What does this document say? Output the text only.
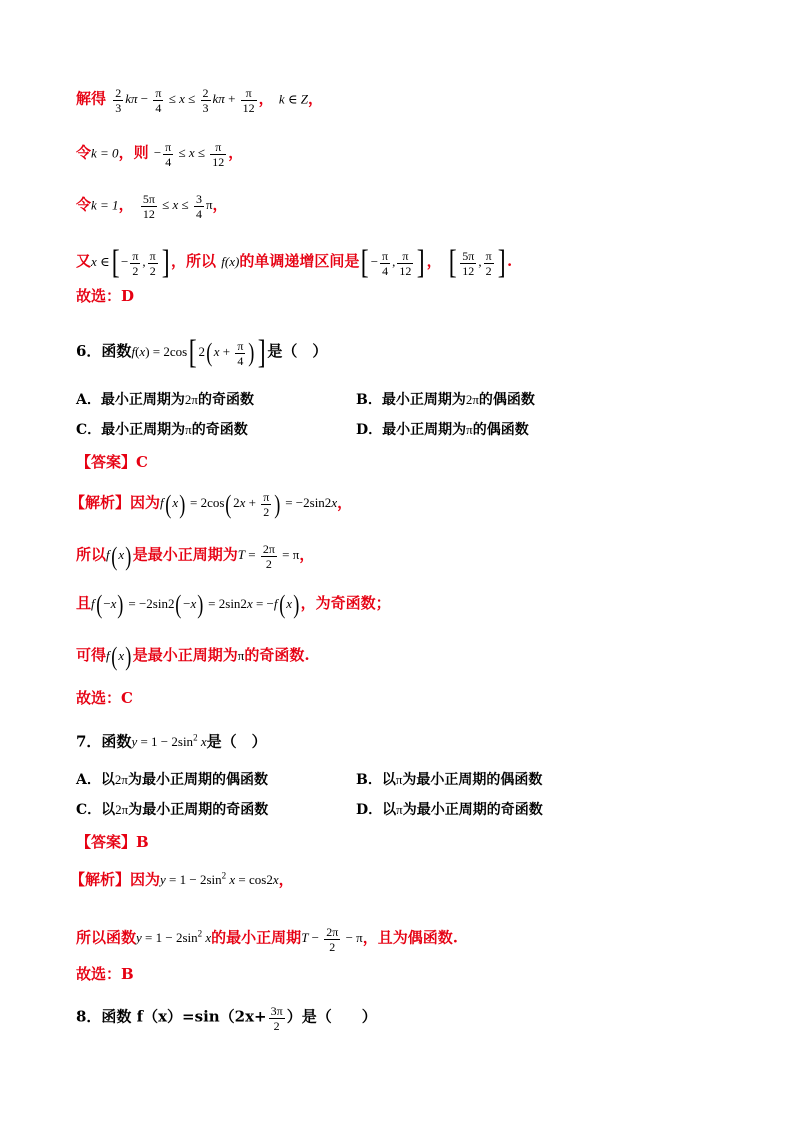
解得 $\frac{2}{3}$ $k\pi - \frac{\pi}{4} \le x \le \frac{2}{3}$ $k\pi + \frac{\pi}{12}$ ， k ∈ Z，
令k = 0，则 − $\frac{\pi}{4} \le x \le \frac{\pi}{12}$ ，
令k = 1， $\frac{5\pi}{12} \le x \le \frac{3}{4}$ π，
又x ∈[ − $\frac{\pi}{2}$ , $\frac{\pi}{2}$ ] ，所以 f(x)的单调递增区间是[ − $\frac{\pi}{4}$ , $\frac{\pi}{12}$ ] ， [ $\frac{5\pi}{12}$ , $\frac{\pi}{2}$ ] .
故选：D
6．函数f(x) = 2cos[ $2(x + \frac{\pi}{4}$ )] 是（　）
A．最小正周期为2π的奇函数	B．最小正周期为2π的偶函数
C．最小正周期为π的奇函数	D．最小正周期为π的偶函数
【答案】C
【解析】因为$f(x) = 2\cos(2x + \frac{\pi}{2}$ ) = −2sin2x，
所以f(x)是最小正周期为$T = \frac{2\pi}{2} = \pi$，
且f(−x) = −2sin2(−x) = 2sin2x = −f(x)，为奇函数；
可得f(x)是最小正周期为π的奇函数.
故选：C
7．函数$y = 1 - 2\sin^2$ x是（　）
A．以2π为最小正周期的偶函数	B．以π为最小正周期的偶函数
C．以2π为最小正周期的奇函数	D．以π为最小正周期的奇函数
【答案】B
【解析】因为$y = 1 - 2\sin^2$ x = cos2x，
所以函数$y = 1 - 2\sin^2$ x的最小正周期$T - \frac{2\pi}{2} - \pi$，且为偶函数.
故选：B
8．函数 $f(x)=\sin(2x+ \frac{3\pi}{2}$ ）是（　　）
